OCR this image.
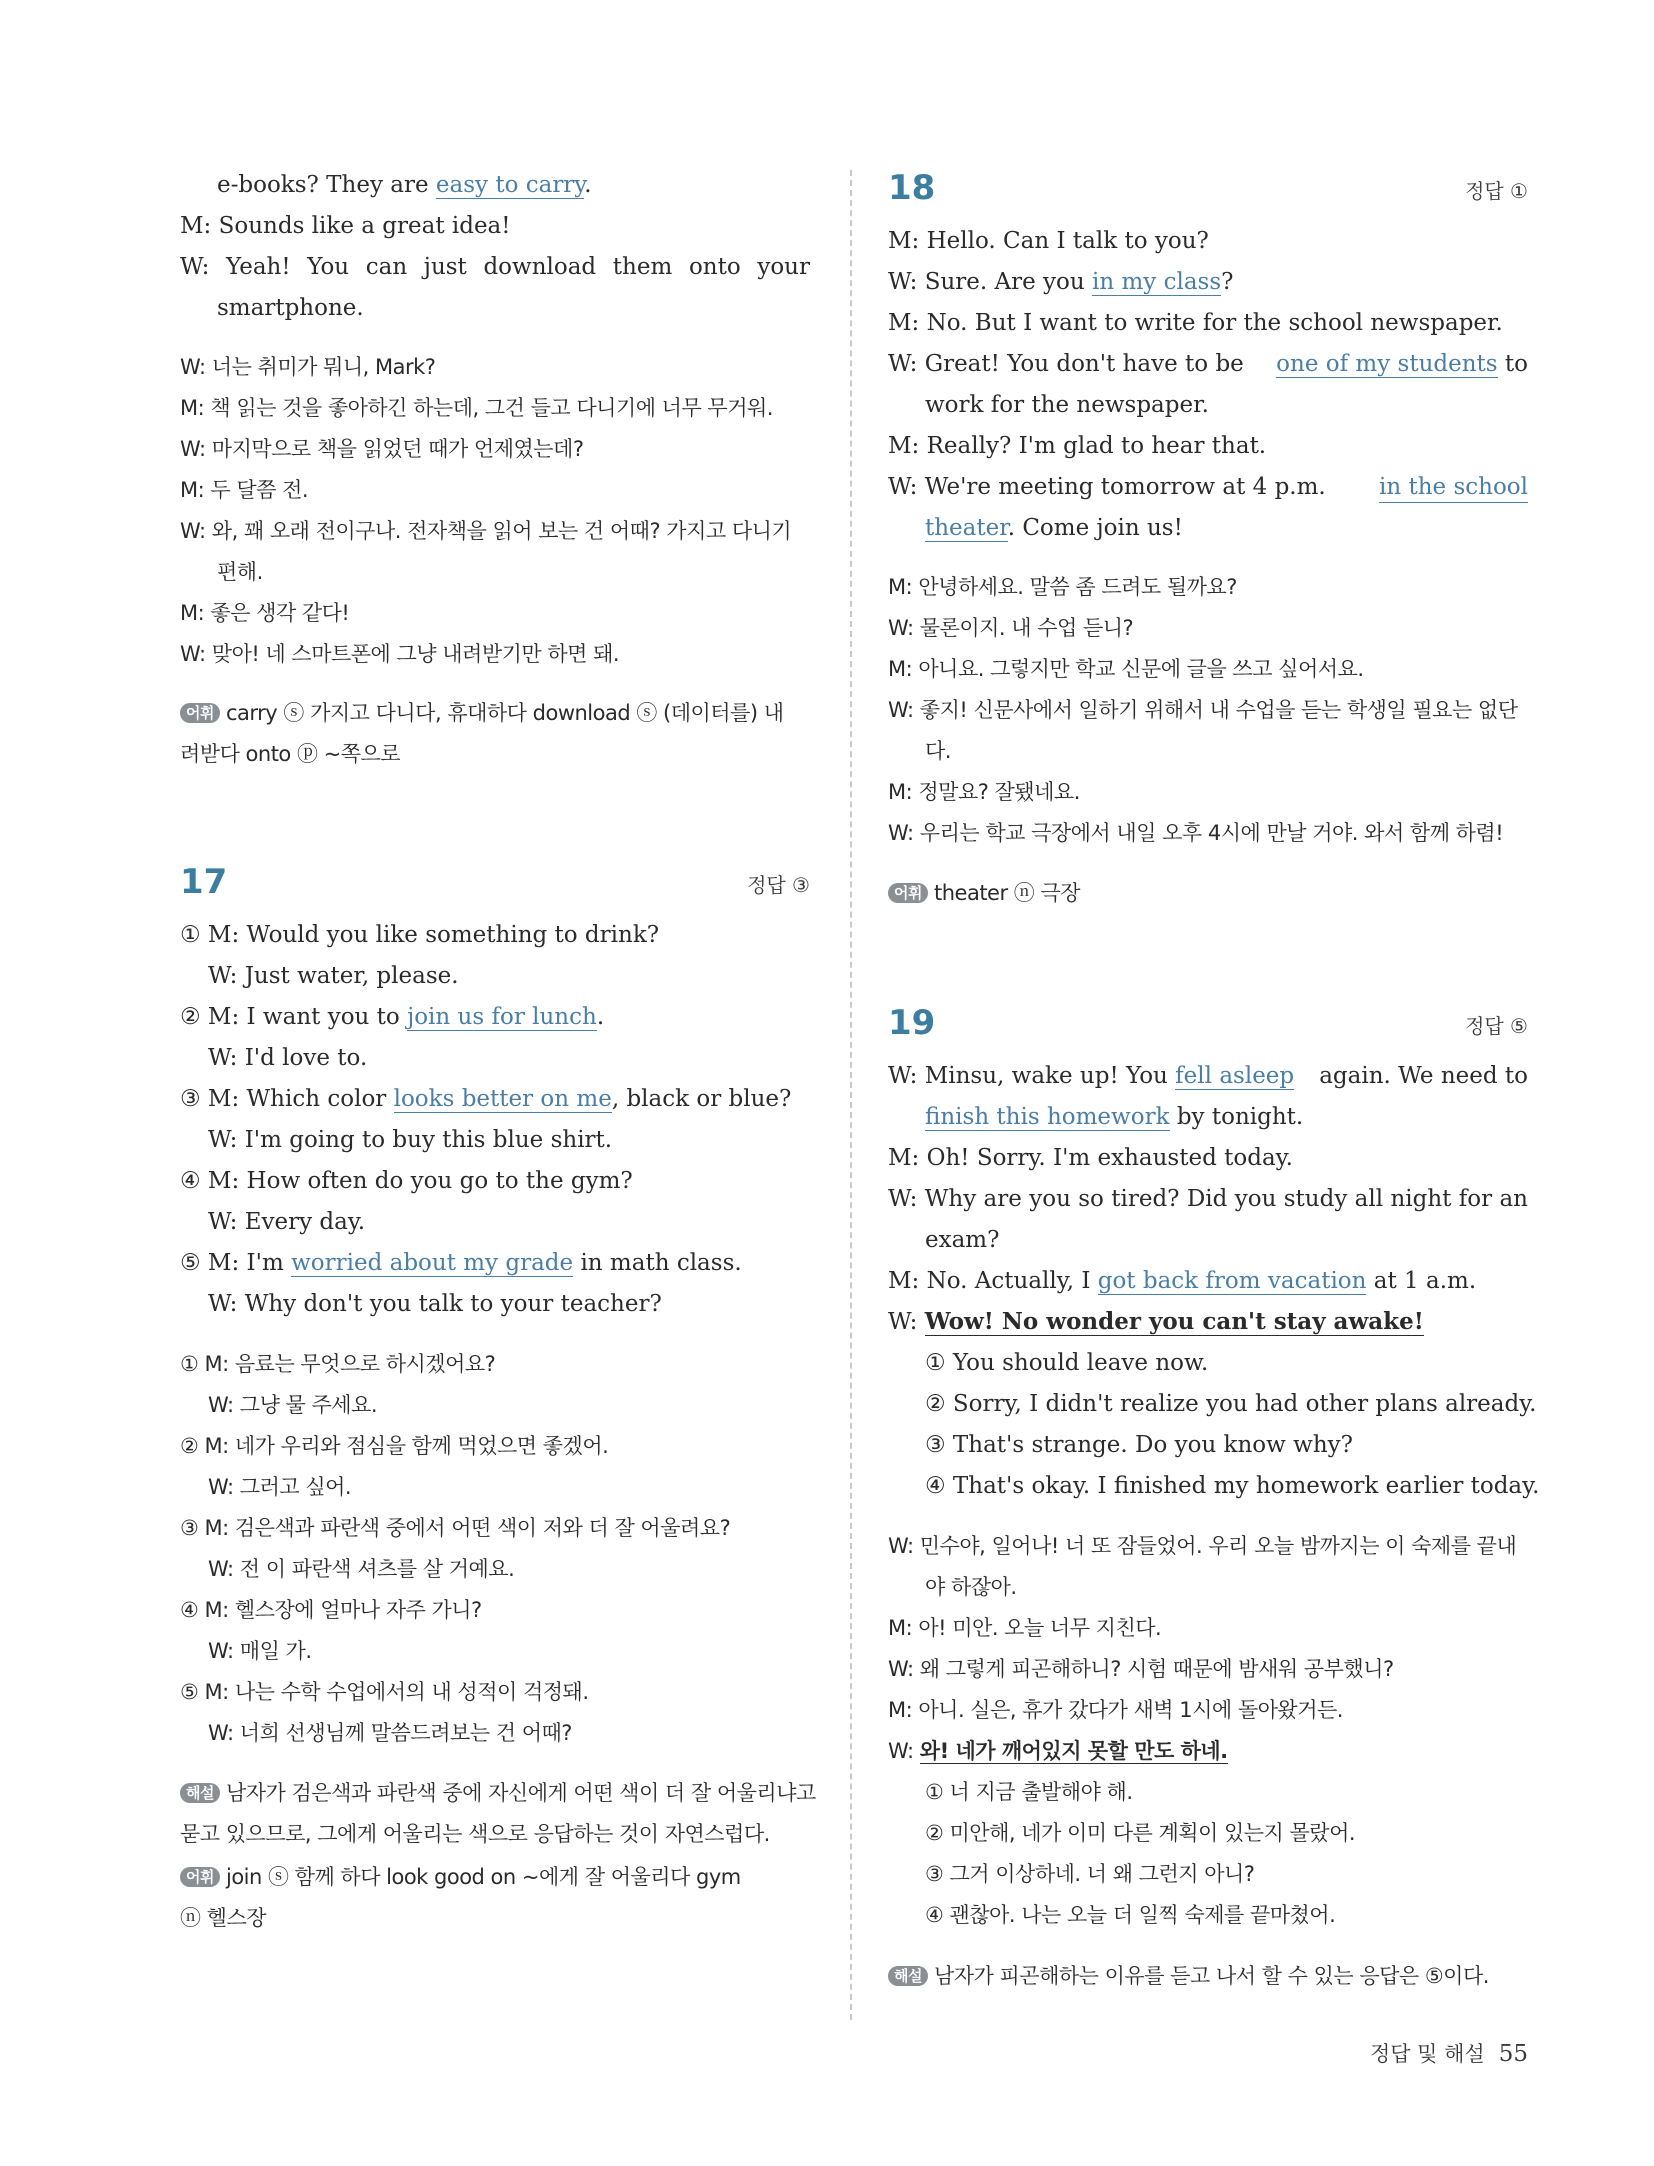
e-books? They are easy to carry.
M: Sounds like a great idea!
W: Yeah! You can just download them onto your
smartphone.
W: 너는 취미가 뭐니, Mark?
M: 책 읽는 것을 좋아하긴 하는데, 그건 들고 다니기에 너무 무거워.
W: 마지막으로 책을 읽었던 때가 언제였는데?
M: 두 달쯤 전.
W: 와, 꽤 오래 전이구나. 전자책을 읽어 보는 건 어때? 가지고 다니기
편해.
M: 좋은 생각 같다!
W: 맞아! 네 스마트폰에 그냥 내려받기만 하면 돼.
어휘 carry ⓢ 가지고 다니다, 휴대하다 download ⓢ (데이터를) 내
려받다 onto ⓟ ~쪽으로
17	정답 ③
① M: Would you like something to drink?
W: Just water, please.
② M: I want you to join us for lunch.
W: I'd love to.
③ M: Which color looks better on me, black or blue?
W: I'm going to buy this blue shirt.
④ M: How often do you go to the gym?
W: Every day.
⑤ M: I'm worried about my grade in math class.
W: Why don't you talk to your teacher?
① M: 음료는 무엇으로 하시겠어요?
W: 그냥 물 주세요.
② M: 네가 우리와 점심을 함께 먹었으면 좋겠어.
W: 그러고 싶어.
③ M: 검은색과 파란색 중에서 어떤 색이 저와 더 잘 어울려요?
W: 전 이 파란색 셔츠를 살 거예요.
④ M: 헬스장에 얼마나 자주 가니?
W: 매일 가.
⑤ M: 나는 수학 수업에서의 내 성적이 걱정돼.
W: 너희 선생님께 말씀드려보는 건 어때?
해설 남자가 검은색과 파란색 중에 자신에게 어떤 색이 더 잘 어울리냐고
묻고 있으므로, 그에게 어울리는 색으로 응답하는 것이 자연스럽다.
어휘 join ⓢ 함께 하다 look good on ~에게 잘 어울리다 gym
ⓝ 헬스장
18	정답 ①
M: Hello. Can I talk to you?
W: Sure. Are you in my class?
M: No. But I want to write for the school newspaper.
W: Great! You don't have to be one of my students to
work for the newspaper.
M: Really? I'm glad to hear that.
W: We're meeting tomorrow at 4 p.m. in the school
theater. Come join us!
M: 안녕하세요. 말씀 좀 드려도 될까요?
W: 물론이지. 내 수업 듣니?
M: 아니요. 그렇지만 학교 신문에 글을 쓰고 싶어서요.
W: 좋지! 신문사에서 일하기 위해서 내 수업을 듣는 학생일 필요는 없단
다.
M: 정말요? 잘됐네요.
W: 우리는 학교 극장에서 내일 오후 4시에 만날 거야. 와서 함께 하렴!
어휘 theater ⓝ 극장
19	정답 ⑤
W: Minsu, wake up! You fell asleep again. We need to
finish this homework by tonight.
M: Oh! Sorry. I'm exhausted today.
W: Why are you so tired? Did you study all night for an
exam?
M: No. Actually, I got back from vacation at 1 a.m.
W: Wow! No wonder you can't stay awake!
① You should leave now.
② Sorry, I didn't realize you had other plans already.
③ That's strange. Do you know why?
④ That's okay. I finished my homework earlier today.
W: 민수야, 일어나! 너 또 잠들었어. 우리 오늘 밤까지는 이 숙제를 끝내
야 하잖아.
M: 아! 미안. 오늘 너무 지친다.
W: 왜 그렇게 피곤해하니? 시험 때문에 밤새워 공부했니?
M: 아니. 실은, 휴가 갔다가 새벽 1시에 돌아왔거든.
W: 와! 네가 깨어있지 못할 만도 하네.
① 너 지금 출발해야 해.
② 미안해, 네가 이미 다른 계획이 있는지 몰랐어.
③ 그거 이상하네. 너 왜 그런지 아니?
④ 괜찮아. 나는 오늘 더 일찍 숙제를 끝마쳤어.
해설 남자가 피곤해하는 이유를 듣고 나서 할 수 있는 응답은 ⑤이다.
정답 및 해설 55
